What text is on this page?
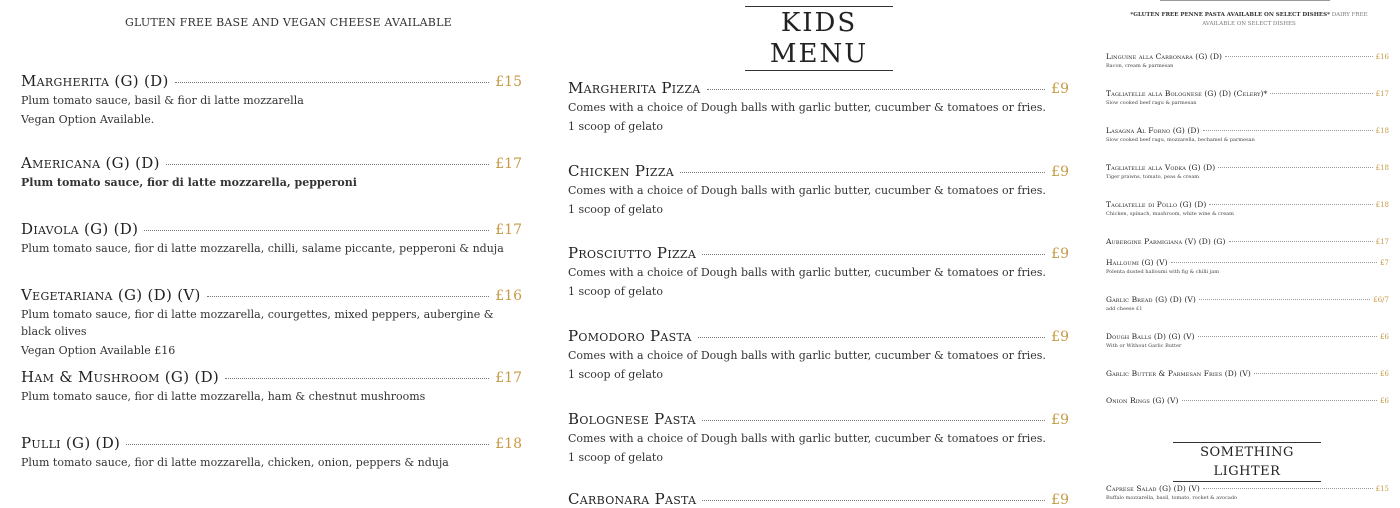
GLUTEN FREE BASE AND VEGAN CHEESE AVAILABLE
Margherita (G) (D)	£15
Plum tomato sauce, basil & fior di latte mozzarella
Vegan Option Available.
Americana (G) (D)	£17
Plum tomato sauce, fior di latte mozzarella, pepperoni
Diavola (G) (D)	£17
Plum tomato sauce, fior di latte mozzarella, chilli, salame piccante, pepperoni & nduja
Vegetariana (G) (D) (V)	£16
Plum tomato sauce, fior di latte mozzarella, courgettes, mixed peppers, aubergine & black olives
Vegan Option Available £16
Ham & Mushroom (G) (D)	£17
Plum tomato sauce, fior di latte mozzarella, ham & chestnut mushrooms
Pulli (G) (D)	£18
Plum tomato sauce, fior di latte mozzarella, chicken, onion, peppers & nduja
KIDS MENU
Margherita Pizza	£9
Comes with a choice of Dough balls with garlic butter, cucumber & tomatoes or fries.
1 scoop of gelato
Chicken Pizza	£9
Comes with a choice of Dough balls with garlic butter, cucumber & tomatoes or fries.
1 scoop of gelato
Prosciutto Pizza	£9
Comes with a choice of Dough balls with garlic butter, cucumber & tomatoes or fries.
1 scoop of gelato
Pomodoro Pasta	£9
Comes with a choice of Dough balls with garlic butter, cucumber & tomatoes or fries.
1 scoop of gelato
Bolognese Pasta	£9
Comes with a choice of Dough balls with garlic butter, cucumber & tomatoes or fries.
1 scoop of gelato
Carbonara Pasta	£9
*GLUTEN FREE PENNE PASTA AVAILABLE ON SELECT DISHES* DAIRY FREE AVAILABLE ON SELECT DISHES
Linguine alla Carbonara (G) (D)	£16
Bacon, cream & parmesan
Tagliatelle alla Bolognese (G) (D) (Celery)*	£17
Slow cooked beef ragu & parmesan
Lasagna Al Forno (G) (D)	£18
Slow cooked beef ragu, mozzarella, bechamel & parmesan
Tagliatelle alla Vodka (G) (D)	£18
Tiger prawns, tomato, peas & cream
Tagliatelle di Pollo (G) (D)	£18
Chicken, spinach, mushroom, white wine & cream
Aubergine Parmigiana (V) (D) (G)	£17
Halloumi (G) (V)	£7
Polenta dusted halloumi with fig & chilli jam
Garlic Bread (G) (D) (V)	£6/7
add cheese £1
Dough Balls (D) (G) (V)	£6
With or Without Garlic Butter
Garlic Butter & Parmesan Fries (D) (V)	£6
Onion Rings (G) (V)	£6
Caprese Salad (G) (D) (V)	£15
Buffalo mozzarella, basil, tomato, rocket & avocado
SOMETHING LIGHTER
